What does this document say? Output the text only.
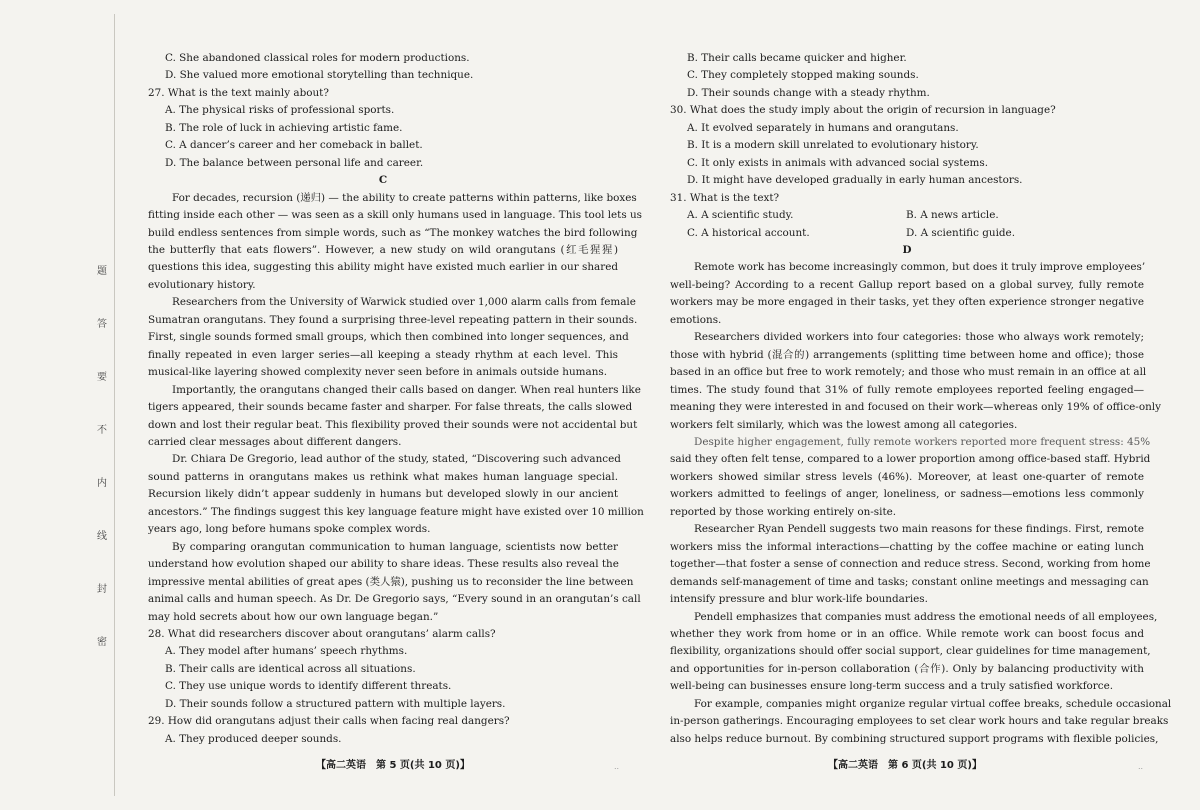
题
答
要
不
内
线
封
密
C. She abandoned classical roles for modern productions.
D. She valued more emotional storytelling than technique.
27. What is the text mainly about?
A. The physical risks of professional sports.
B. The role of luck in achieving artistic fame.
C. A dancer’s career and her comeback in ballet.
D. The balance between personal life and career.
C
For decades, recursion (递归) — the ability to create patterns within patterns, like boxes
fitting inside each other — was seen as a skill only humans used in language. This tool lets us
build endless sentences from simple words, such as “The monkey watches the bird following
the butterfly that eats flowers”. However, a new study on wild orangutans (红毛猩猩)
questions this idea, suggesting this ability might have existed much earlier in our shared
evolutionary history.
Researchers from the University of Warwick studied over 1,000 alarm calls from female
Sumatran orangutans. They found a surprising three-level repeating pattern in their sounds.
First, single sounds formed small groups, which then combined into longer sequences, and
finally repeated in even larger series—all keeping a steady rhythm at each level. This
musical-like layering showed complexity never seen before in animals outside humans.
Importantly, the orangutans changed their calls based on danger. When real hunters like
tigers appeared, their sounds became faster and sharper. For false threats, the calls slowed
down and lost their regular beat. This flexibility proved their sounds were not accidental but
carried clear messages about different dangers.
Dr. Chiara De Gregorio, lead author of the study, stated, “Discovering such advanced
sound patterns in orangutans makes us rethink what makes human language special.
Recursion likely didn’t appear suddenly in humans but developed slowly in our ancient
ancestors.” The findings suggest this key language feature might have existed over 10 million
years ago, long before humans spoke complex words.
By comparing orangutan communication to human language, scientists now better
understand how evolution shaped our ability to share ideas. These results also reveal the
impressive mental abilities of great apes (类人猿), pushing us to reconsider the line between
animal calls and human speech. As Dr. De Gregorio says, “Every sound in an orangutan’s call
may hold secrets about how our own language began.”
28. What did researchers discover about orangutans’ alarm calls?
A. They model after humans’ speech rhythms.
B. Their calls are identical across all situations.
C. They use unique words to identify different threats.
D. Their sounds follow a structured pattern with multiple layers.
29. How did orangutans adjust their calls when facing real dangers?
A. They produced deeper sounds.
B. Their calls became quicker and higher.
C. They completely stopped making sounds.
D. Their sounds change with a steady rhythm.
30. What does the study imply about the origin of recursion in language?
A. It evolved separately in humans and orangutans.
B. It is a modern skill unrelated to evolutionary history.
C. It only exists in animals with advanced social systems.
D. It might have developed gradually in early human ancestors.
31. What is the text?
A. A scientific study.	B. A news article.
C. A historical account.	D. A scientific guide.
D
Remote work has become increasingly common, but does it truly improve employees’
well-being? According to a recent Gallup report based on a global survey, fully remote
workers may be more engaged in their tasks, yet they often experience stronger negative
emotions.
Researchers divided workers into four categories: those who always work remotely;
those with hybrid (混合的) arrangements (splitting time between home and office); those
based in an office but free to work remotely; and those who must remain in an office at all
times. The study found that 31% of fully remote employees reported feeling engaged—
meaning they were interested in and focused on their work—whereas only 19% of office-only
workers felt similarly, which was the lowest among all categories.
Despite higher engagement, fully remote workers reported more frequent stress: 45%
said they often felt tense, compared to a lower proportion among office-based staff. Hybrid
workers showed similar stress levels (46%). Moreover, at least one-quarter of remote
workers admitted to feelings of anger, loneliness, or sadness—emotions less commonly
reported by those working entirely on-site.
Researcher Ryan Pendell suggests two main reasons for these findings. First, remote
workers miss the informal interactions—chatting by the coffee machine or eating lunch
together—that foster a sense of connection and reduce stress. Second, working from home
demands self-management of time and tasks; constant online meetings and messaging can
intensify pressure and blur work-life boundaries.
Pendell emphasizes that companies must address the emotional needs of all employees,
whether they work from home or in an office. While remote work can boost focus and
flexibility, organizations should offer social support, clear guidelines for time management,
and opportunities for in-person collaboration (合作). Only by balancing productivity with
well-being can businesses ensure long-term success and a truly satisfied workforce.
For example, companies might organize regular virtual coffee breaks, schedule occasional
in-person gatherings. Encouraging employees to set clear work hours and take regular breaks
also helps reduce burnout. By combining structured support programs with flexible policies,
【高二英语　第 5 页(共 10 页)】	【高二英语　第 6 页(共 10 页)】
..	..
